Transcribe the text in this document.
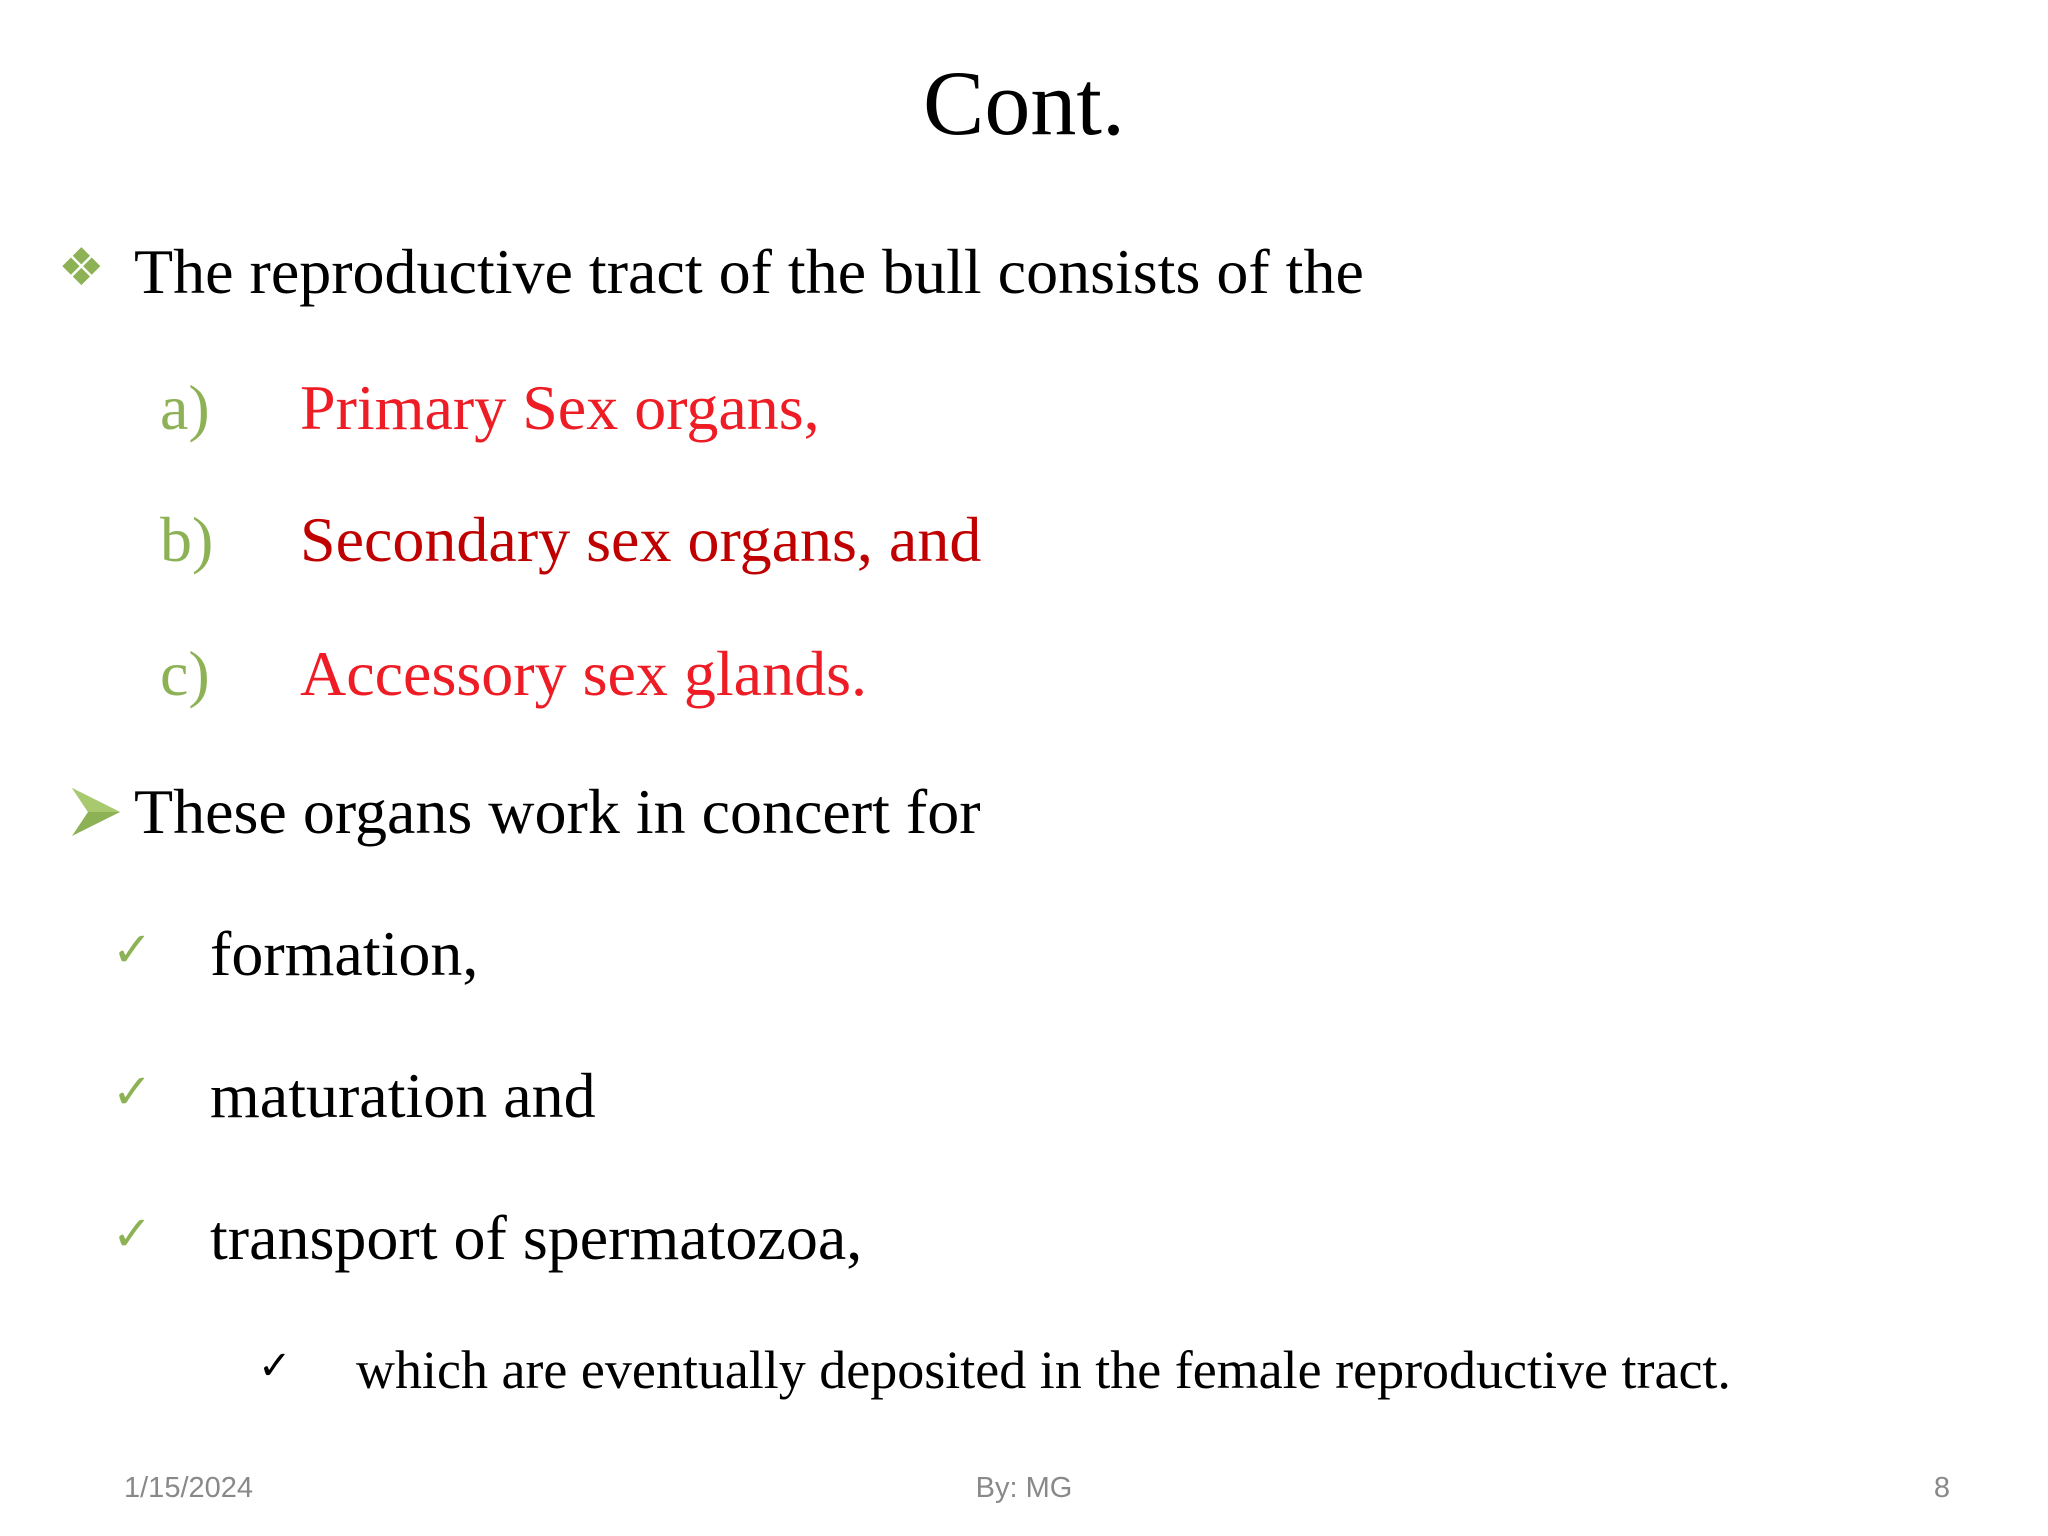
Cont.
❖ The reproductive tract of the bull consists of the
a) Primary Sex organs,
b) Secondary sex organs, and
c) Accessory sex glands.
These organs work in concert for
✓ formation,
✓ maturation and
✓ transport of spermatozoa,
✓ which are eventually deposited in the female reproductive tract.
1/15/2024	By: MG	8
